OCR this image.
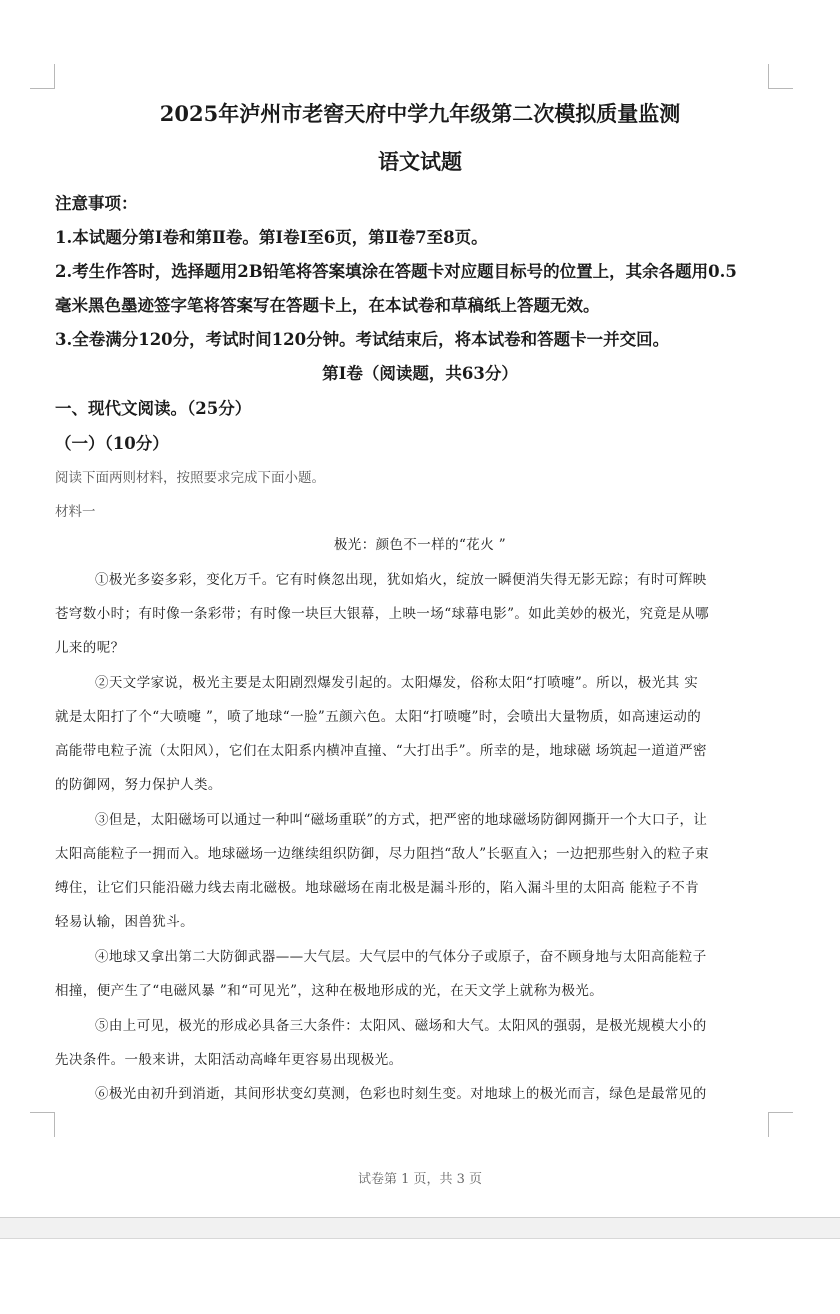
2025年泸州市老窖天府中学九年级第二次模拟质量监测
语文试题
注意事项：
1.本试题分第Ⅰ卷和第Ⅱ卷。第Ⅰ卷Ⅰ至6页，第Ⅱ卷7至8页。
2.考生作答时，选择题用2B铅笔将答案填涂在答题卡对应题目标号的位置上，其余各题用0.5
毫米黑色墨迹签字笔将答案写在答题卡上，在本试卷和草稿纸上答题无效。
3.全卷满分120分，考试时间120分钟。考试结束后，将本试卷和答题卡一并交回。
第Ⅰ卷（阅读题，共63分）
一、现代文阅读。（25分）
（一）（10分）
阅读下面两则材料，按照要求完成下面小题。
材料一
极光：颜色不一样的“花火 ”
①极光多姿多彩，变化万千。它有时倏忽出现，犹如焰火，绽放一瞬便消失得无影无踪；有时可辉映
苍穹数小时；有时像一条彩带；有时像一块巨大银幕，上映一场“球幕电影”。如此美妙的极光，究竟是从哪
儿来的呢？
②天文学家说，极光主要是太阳剧烈爆发引起的。太阳爆发，俗称太阳“打喷嚏”。所以，极光其 实
就是太阳打了个“大喷嚏 ”，喷了地球“一脸”五颜六色。太阳“打喷嚏”时，会喷出大量物质，如高速运动的
高能带电粒子流（太阳风），它们在太阳系内横冲直撞、“大打出手”。所幸的是，地球磁 场筑起一道道严密
的防御网，努力保护人类。
③但是，太阳磁场可以通过一种叫“磁场重联”的方式，把严密的地球磁场防御网撕开一个大口子，让
太阳高能粒子一拥而入。地球磁场一边继续组织防御，尽力阻挡“敌人”长驱直入；一边把那些射入的粒子束
缚住，让它们只能沿磁力线去南北磁极。地球磁场在南北极是漏斗形的，陷入漏斗里的太阳高 能粒子不肯
轻易认输，困兽犹斗。
④地球又拿出第二大防御武器——大气层。大气层中的气体分子或原子，奋不顾身地与太阳高能粒子
相撞，便产生了“电磁风暴 ”和“可见光”，这种在极地形成的光，在天文学上就称为极光。
⑤由上可见，极光的形成必具备三大条件：太阳风、磁场和大气。太阳风的强弱，是极光规模大小的
先决条件。一般来讲，太阳活动高峰年更容易出现极光。
⑥极光由初升到消逝，其间形状变幻莫测，色彩也时刻生变。对地球上的极光而言，绿色是最常见的
试卷第 1 页，共 3 页
